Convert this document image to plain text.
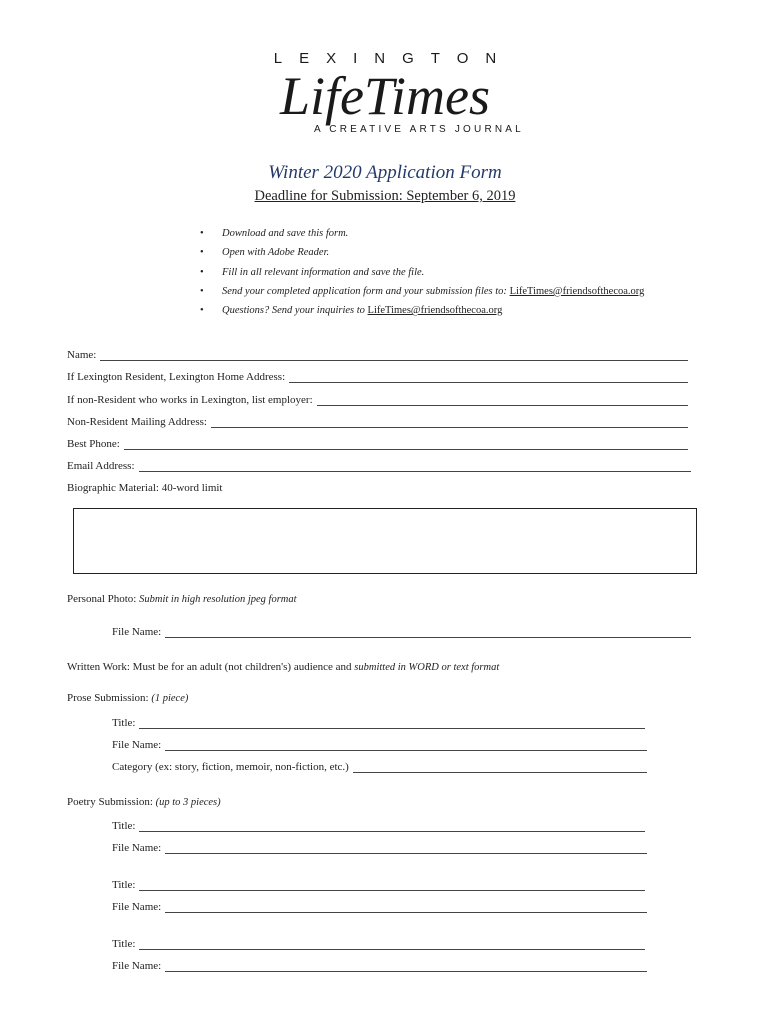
LEXINGTON
LifeTimes
A CREATIVE ARTS JOURNAL
Winter 2020 Application Form
Deadline for Submission: September 6, 2019
• Download and save this form.
• Open with Adobe Reader.
• Fill in all relevant information and save the file.
• Send your completed application form and your submission files to: LifeTimes@friendsofthecoa.org
• Questions? Send your inquiries to LifeTimes@friendsofthecoa.org
Name:
If Lexington Resident, Lexington Home Address:
If non-Resident who works in Lexington, list employer:
Non-Resident Mailing Address:
Best Phone:
Email Address:
Biographic Material: 40-word limit
Personal Photo: Submit in high resolution jpeg format
File Name:
Written Work: Must be for an adult (not children's) audience and submitted in WORD or text format
Prose Submission: (1 piece)
Title:
File Name:
Category (ex: story, fiction, memoir, non-fiction, etc.)
Poetry Submission: (up to 3 pieces)
Title:
File Name:
Title:
File Name:
Title:
File Name:
